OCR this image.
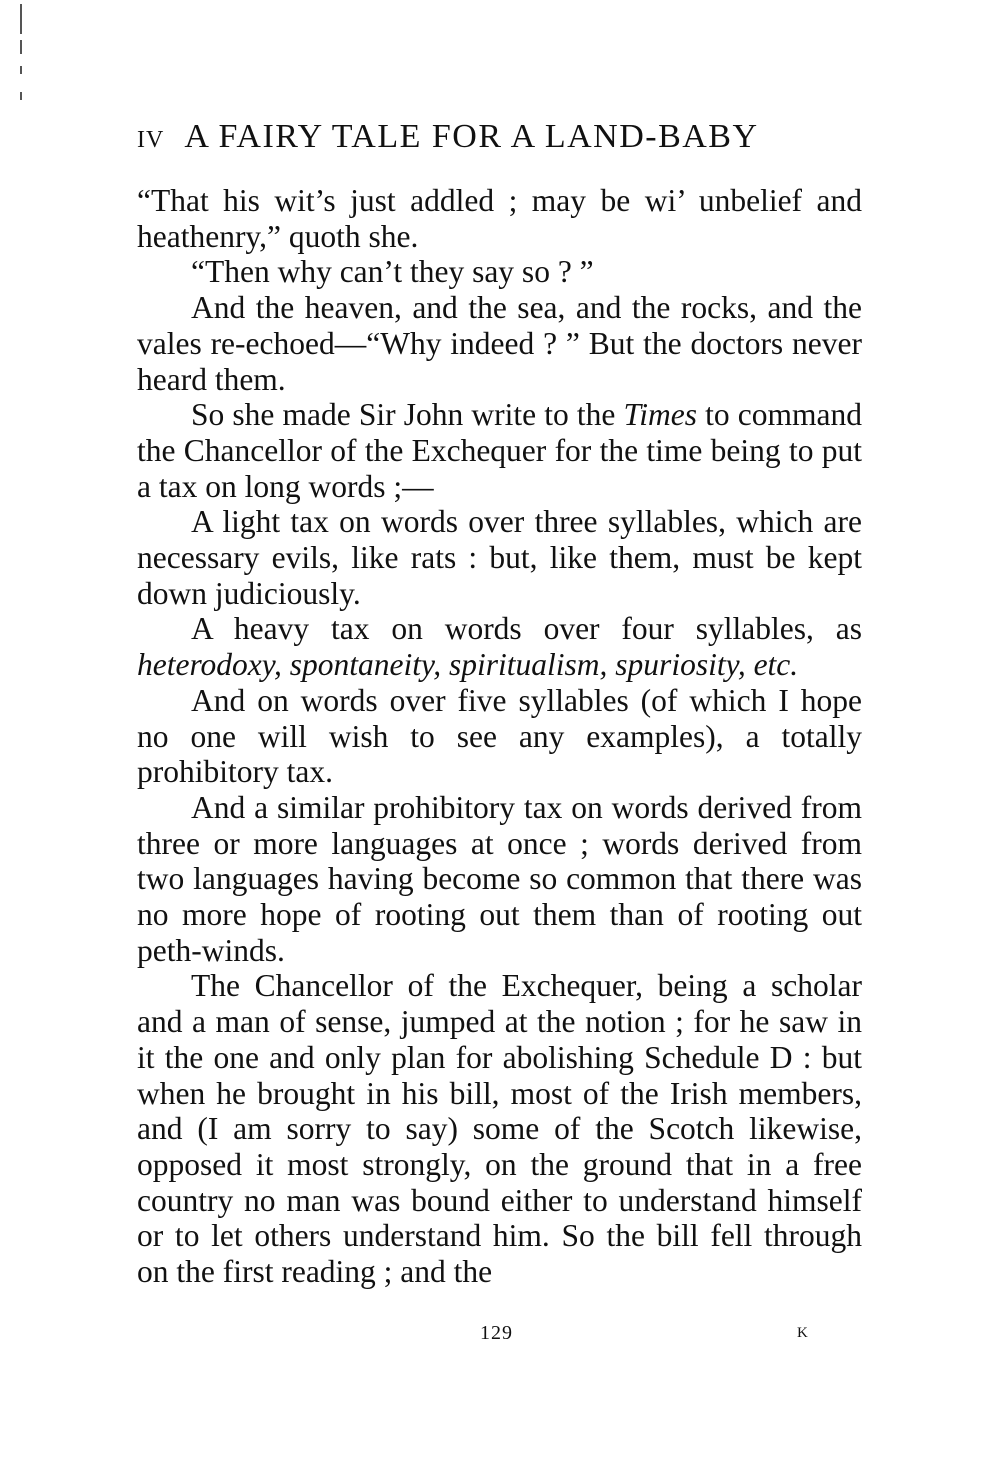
IV A FAIRY TALE FOR A LAND-BABY

“That his wit’s just addled ; may be wi’ unbelief and heathenry,” quoth she.

“Then why can’t they say so ? ”

And the heaven, and the sea, and the rocks, and the vales re-echoed—“Why indeed ? ” But the doctors never heard them.

So she made Sir John write to the Times to command the Chancellor of the Exchequer for the time being to put a tax on long words ;—

A light tax on words over three syllables, which are necessary evils, like rats : but, like them, must be kept down judiciously.

A heavy tax on words over four syllables, as heterodoxy, spontaneity, spiritualism, spuriosity, etc.

And on words over five syllables (of which I hope no one will wish to see any examples), a totally prohibitory tax.

And a similar prohibitory tax on words derived from three or more languages at once ; words derived from two languages having become so common that there was no more hope of rooting out them than of rooting out peth-winds.

The Chancellor of the Exchequer, being a scholar and a man of sense, jumped at the notion ; for he saw in it the one and only plan for abolishing Schedule D : but when he brought in his bill, most of the Irish members, and (I am sorry to say) some of the Scotch likewise, opposed it most strongly, on the ground that in a free country no man was bound either to understand himself or to let others understand him. So the bill fell through on the first reading ; and the

129	K
